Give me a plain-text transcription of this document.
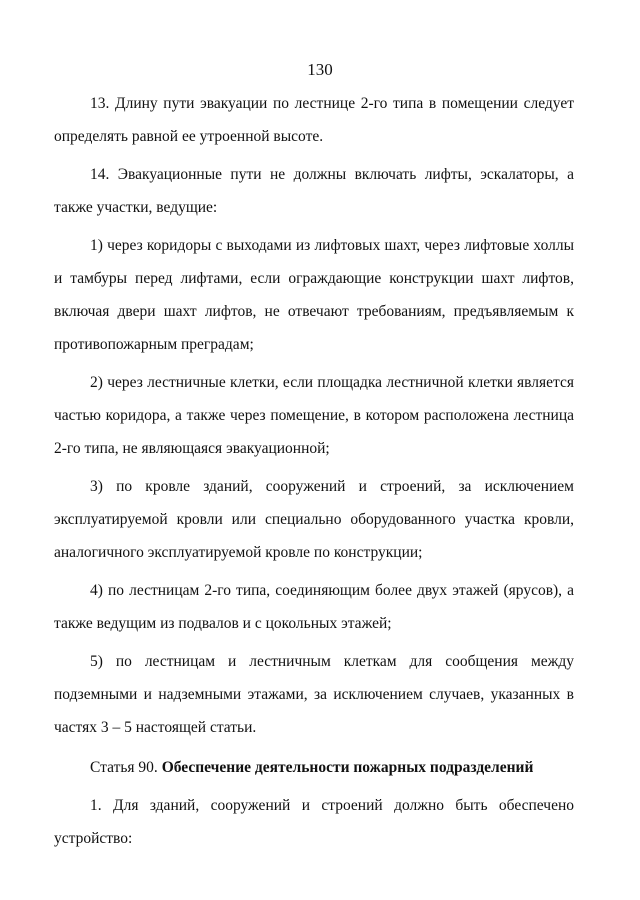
130

13. Длину пути эвакуации по лестнице 2-го типа в помещении следует определять равной ее утроенной высоте.

14. Эвакуационные пути не должны включать лифты, эскалаторы, а также участки, ведущие:

1) через коридоры с выходами из лифтовых шахт, через лифтовые холлы и тамбуры перед лифтами, если ограждающие конструкции шахт лифтов, включая двери шахт лифтов, не отвечают требованиям, предъявляемым к противопожарным преградам;

2) через лестничные клетки, если площадка лестничной клетки является частью коридора, а также через помещение, в котором расположена лестница 2-го типа, не являющаяся эвакуационной;

3) по кровле зданий, сооружений и строений, за исключением эксплуатируемой кровли или специально оборудованного участка кровли, аналогичного эксплуатируемой кровле по конструкции;

4) по лестницам 2-го типа, соединяющим более двух этажей (ярусов), а также ведущим из подвалов и с цокольных этажей;

5) по лестницам и лестничным клеткам для сообщения между подземными и надземными этажами, за исключением случаев, указанных в частях 3 – 5 настоящей статьи.

Статья 90. Обеспечение деятельности пожарных подразделений

1. Для зданий, сооружений и строений должно быть обеспечено устройство:
